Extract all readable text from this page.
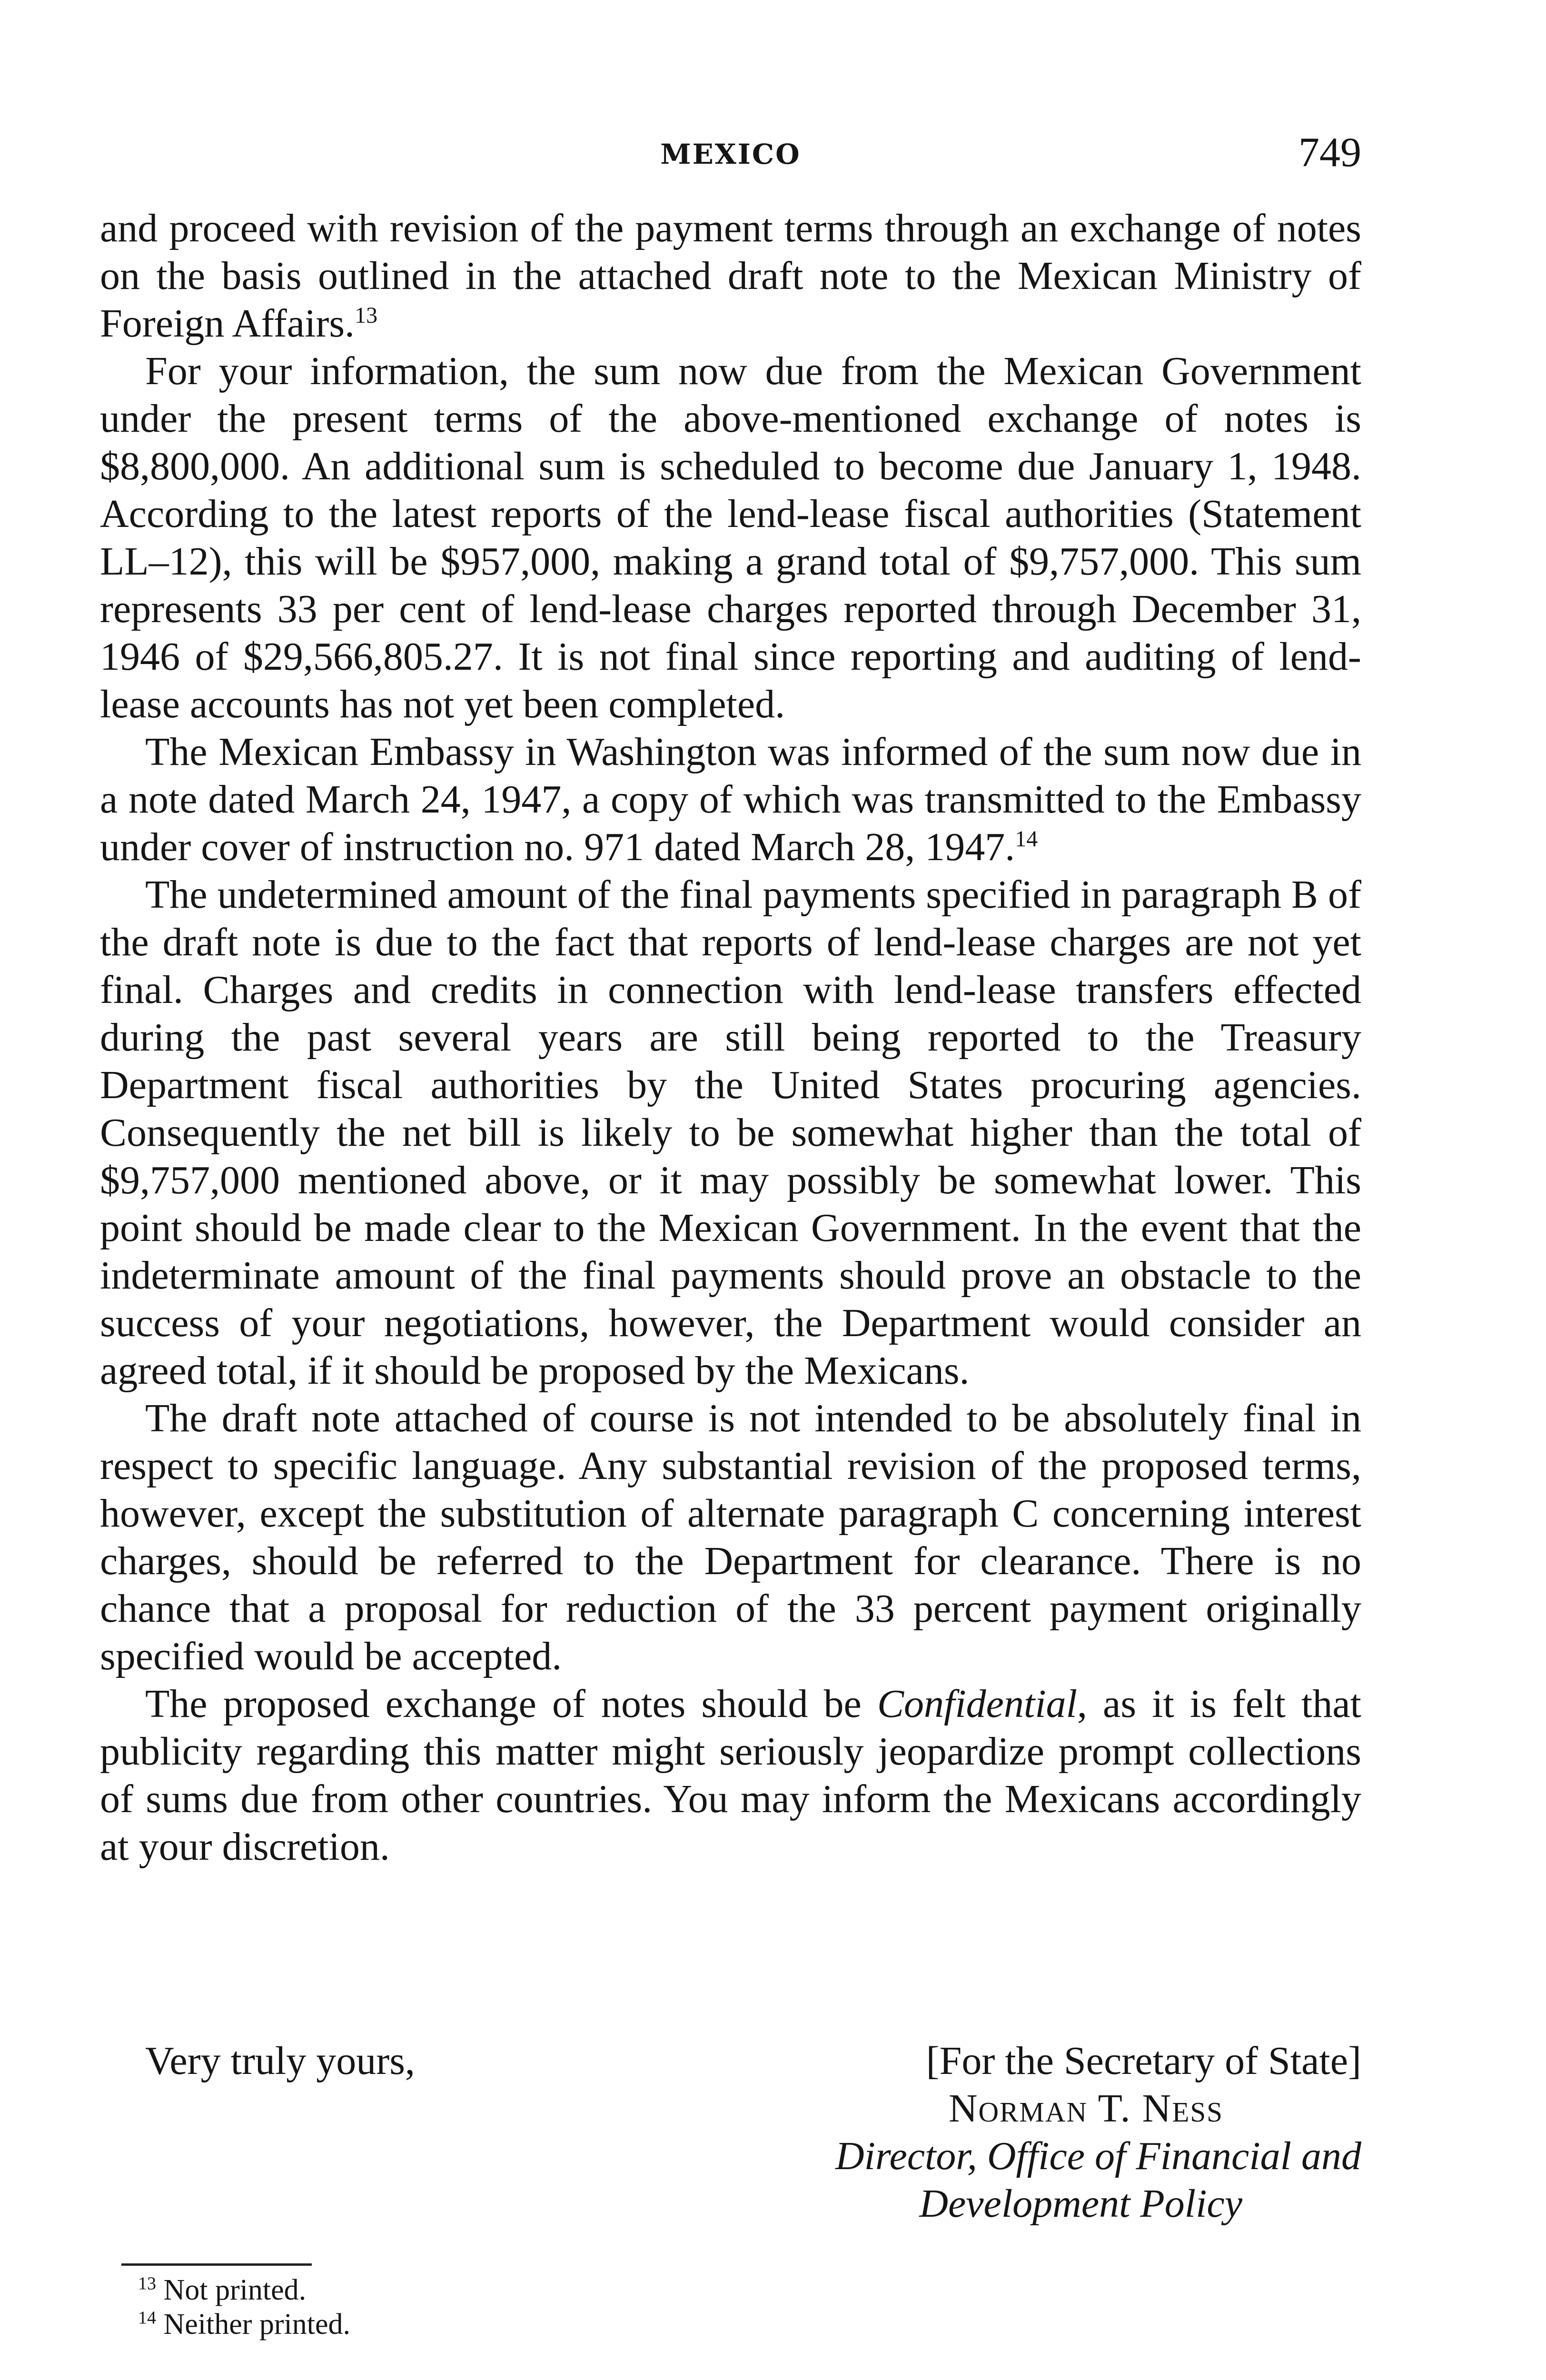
MEXICO	749

and proceed with revision of the payment terms through an exchange of notes on the basis outlined in the attached draft note to the Mexican Ministry of Foreign Affairs.$^{13}$

For your information, the sum now due from the Mexican Government under the present terms of the above-mentioned exchange of notes is $8,800,000. An additional sum is scheduled to become due January 1, 1948. According to the latest reports of the lend-lease fiscal authorities (Statement LL–12), this will be $957,000, making a grand total of $9,757,000. This sum represents 33 per cent of lend-lease charges reported through December 31, 1946 of $29,566,805.27. It is not final since reporting and auditing of lend-lease accounts has not yet been completed.

The Mexican Embassy in Washington was informed of the sum now due in a note dated March 24, 1947, a copy of which was transmitted to the Embassy under cover of instruction no. 971 dated March 28, 1947.14

The undetermined amount of the final payments specified in paragraph B of the draft note is due to the fact that reports of lend-lease charges are not yet final. Charges and credits in connection with lend-lease transfers effected during the past several years are still being reported to the Treasury Department fiscal authorities by the United States procuring agencies. Consequently the net bill is likely to be somewhat higher than the total of $9,757,000 mentioned above, or it may possibly be somewhat lower. This point should be made clear to the Mexican Government. In the event that the indeterminate amount of the final payments should prove an obstacle to the success of your negotiations, however, the Department would consider an agreed total, if it should be proposed by the Mexicans.

The draft note attached of course is not intended to be absolutely final in respect to specific language. Any substantial revision of the proposed terms, however, except the substitution of alternate paragraph C concerning interest charges, should be referred to the Department for clearance. There is no chance that a proposal for reduction of the 33 percent payment originally specified would be accepted.

The proposed exchange of notes should be Confidential, as it is felt that publicity regarding this matter might seriously jeopardize prompt collections of sums due from other countries. You may inform the Mexicans accordingly at your discretion.

Very truly yours,	[For the Secretary of State]
Norman T. Ness
Director, Office of Financial and
Development Policy
$^{13}$ Not printed.
$^{14}$ Neither printed.
